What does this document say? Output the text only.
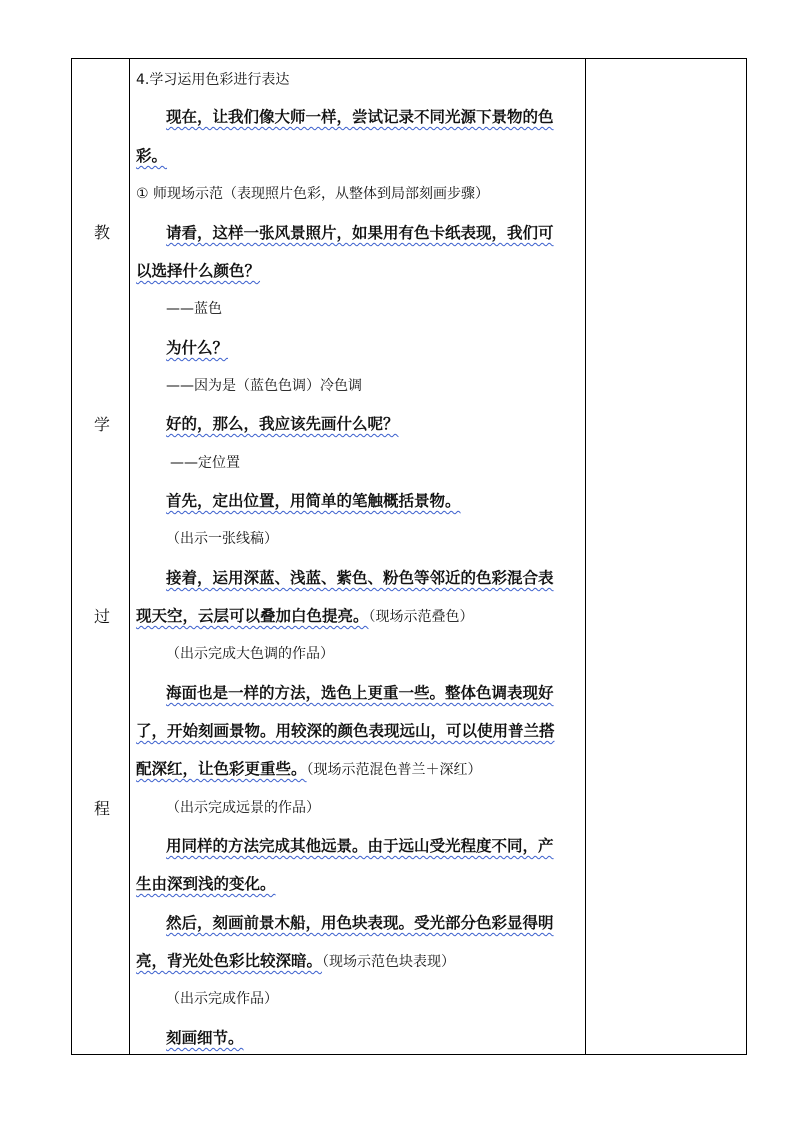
教
学
过
程
4.学习运用色彩进行表达
现在，让我们像大师一样，尝试记录不同光源下景物的色
彩。
① 师现场示范（表现照片色彩，从整体到局部刻画步骤）
请看，这样一张风景照片，如果用有色卡纸表现，我们可
以选择什么颜色？
——蓝色
为什么？
——因为是（蓝色色调）冷色调
好的，那么，我应该先画什么呢？
——定位置
首先，定出位置，用简单的笔触概括景物。
（出示一张线稿）
接着，运用深蓝、浅蓝、紫色、粉色等邻近的色彩混合表
现天空，云层可以叠加白色提亮。（现场示范叠色）
（出示完成大色调的作品）
海面也是一样的方法，选色上更重一些。整体色调表现好
了，开始刻画景物。用较深的颜色表现远山，可以使用普兰搭
配深红，让色彩更重些。（现场示范混色普兰＋深红）
（出示完成远景的作品）
用同样的方法完成其他远景。由于远山受光程度不同，产
生由深到浅的变化。
然后，刻画前景木船，用色块表现。受光部分色彩显得明
亮，背光处色彩比较深暗。（现场示范色块表现）
（出示完成作品）
刻画细节。
